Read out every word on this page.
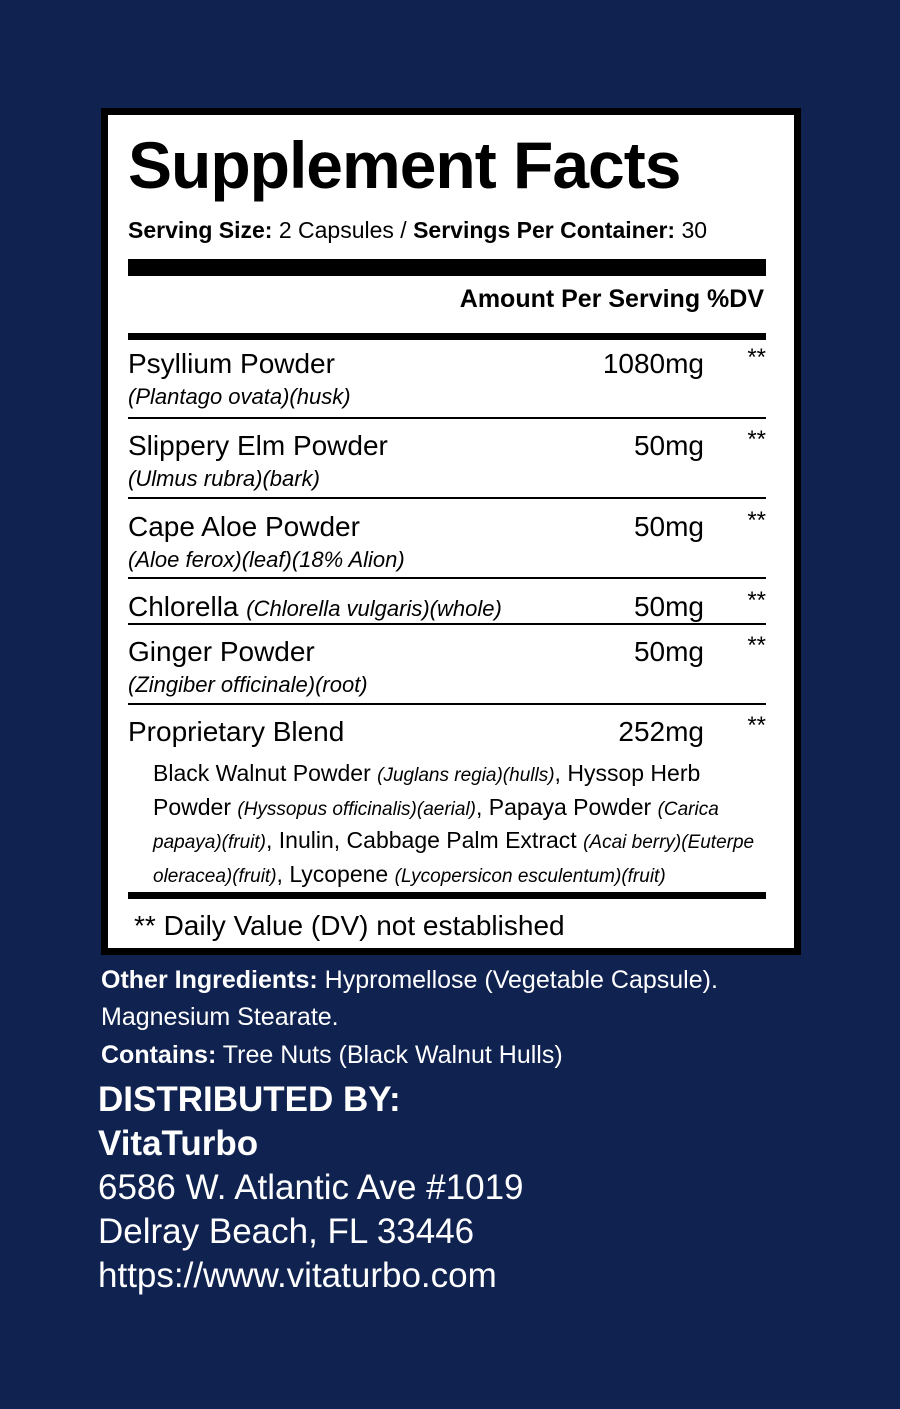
Supplement Facts
Serving Size: 2 Capsules / Servings Per Container: 30
Amount Per Serving %DV
Psyllium Powder
(Plantago ovata)(husk)
1080mg **
Slippery Elm Powder
(Ulmus rubra)(bark)
50mg **
Cape Aloe Powder
(Aloe ferox)(leaf)(18% Alion)
50mg **
Chlorella (Chlorella vulgaris)(whole)	50mg **
Ginger Powder
(Zingiber officinale)(root)
50mg **
Proprietary Blend	252mg **
Black Walnut Powder (Juglans regia)(hulls), Hyssop Herb Powder (Hyssopus officinalis)(aerial), Papaya Powder (Carica papaya)(fruit), Inulin, Cabbage Palm Extract (Acai berry)(Euterpe oleracea)(fruit), Lycopene (Lycopersicon esculentum)(fruit)
** Daily Value (DV) not established
Other Ingredients: Hypromellose (Vegetable Capsule). Magnesium Stearate.
Contains: Tree Nuts (Black Walnut Hulls)
DISTRIBUTED BY:
VitaTurbo
6586 W. Atlantic Ave #1019
Delray Beach, FL 33446
https://www.vitaturbo.com
